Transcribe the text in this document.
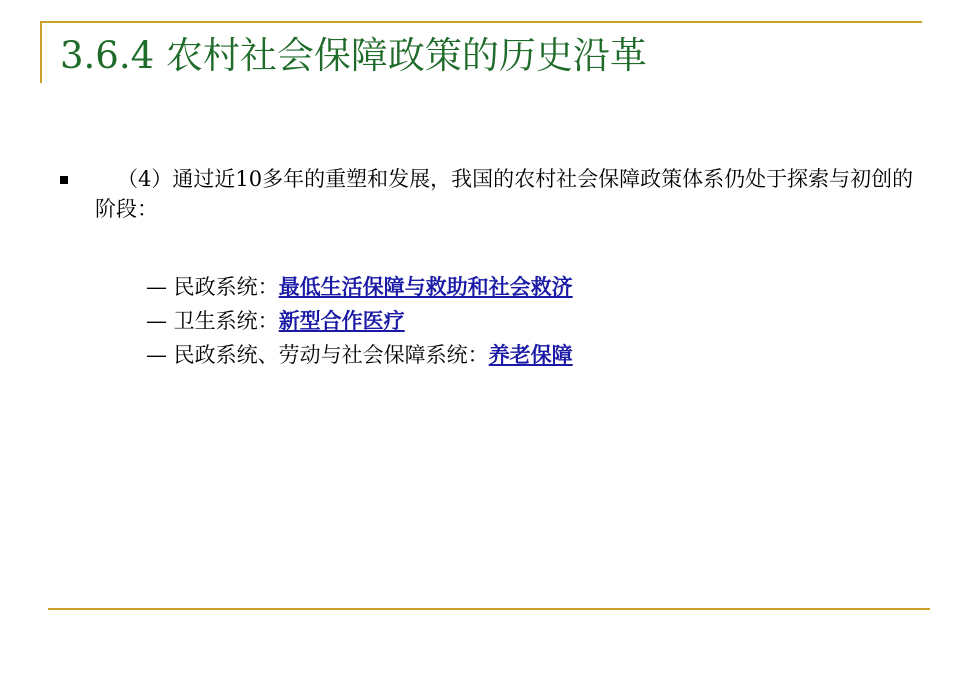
3.6.4 农村社会保障政策的历史沿革
（4）通过近10多年的重塑和发展，我国的农村社会保障政策体系仍处于探索与初创的阶段：
— 民政系统：最低生活保障与救助和社会救济
— 卫生系统：新型合作医疗
— 民政系统、劳动与社会保障系统：养老保障
